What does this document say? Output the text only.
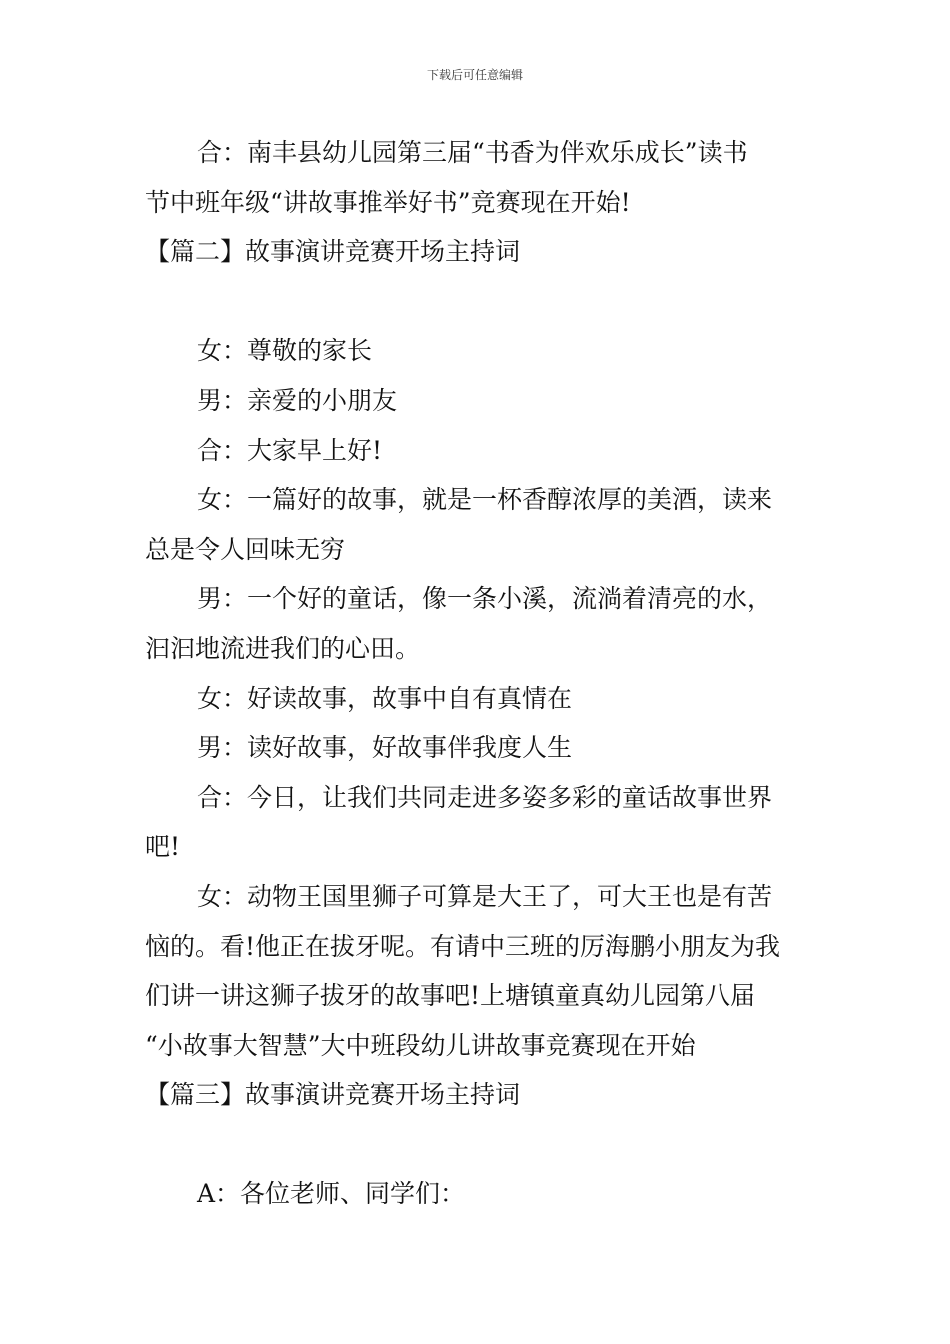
下载后可任意编辑
合：南丰县幼儿园第三届“书香为伴欢乐成长”读书
节中班年级“讲故事推举好书”竞赛现在开始!
【篇二】故事演讲竞赛开场主持词
女：尊敬的家长
男：亲爱的小朋友
合：大家早上好!
女：一篇好的故事，就是一杯香醇浓厚的美酒，读来
总是令人回味无穷
男：一个好的童话，像一条小溪，流淌着清亮的水，
汩汩地流进我们的心田。
女：好读故事，故事中自有真情在
男：读好故事，好故事伴我度人生
合：今日，让我们共同走进多姿多彩的童话故事世界
吧!
女：动物王国里狮子可算是大王了，可大王也是有苦
恼的。看!他正在拔牙呢。有请中三班的厉海鹏小朋友为我
们讲一讲这狮子拔牙的故事吧!上塘镇童真幼儿园第八届
“小故事大智慧”大中班段幼儿讲故事竞赛现在开始
【篇三】故事演讲竞赛开场主持词
A：各位老师、同学们：
